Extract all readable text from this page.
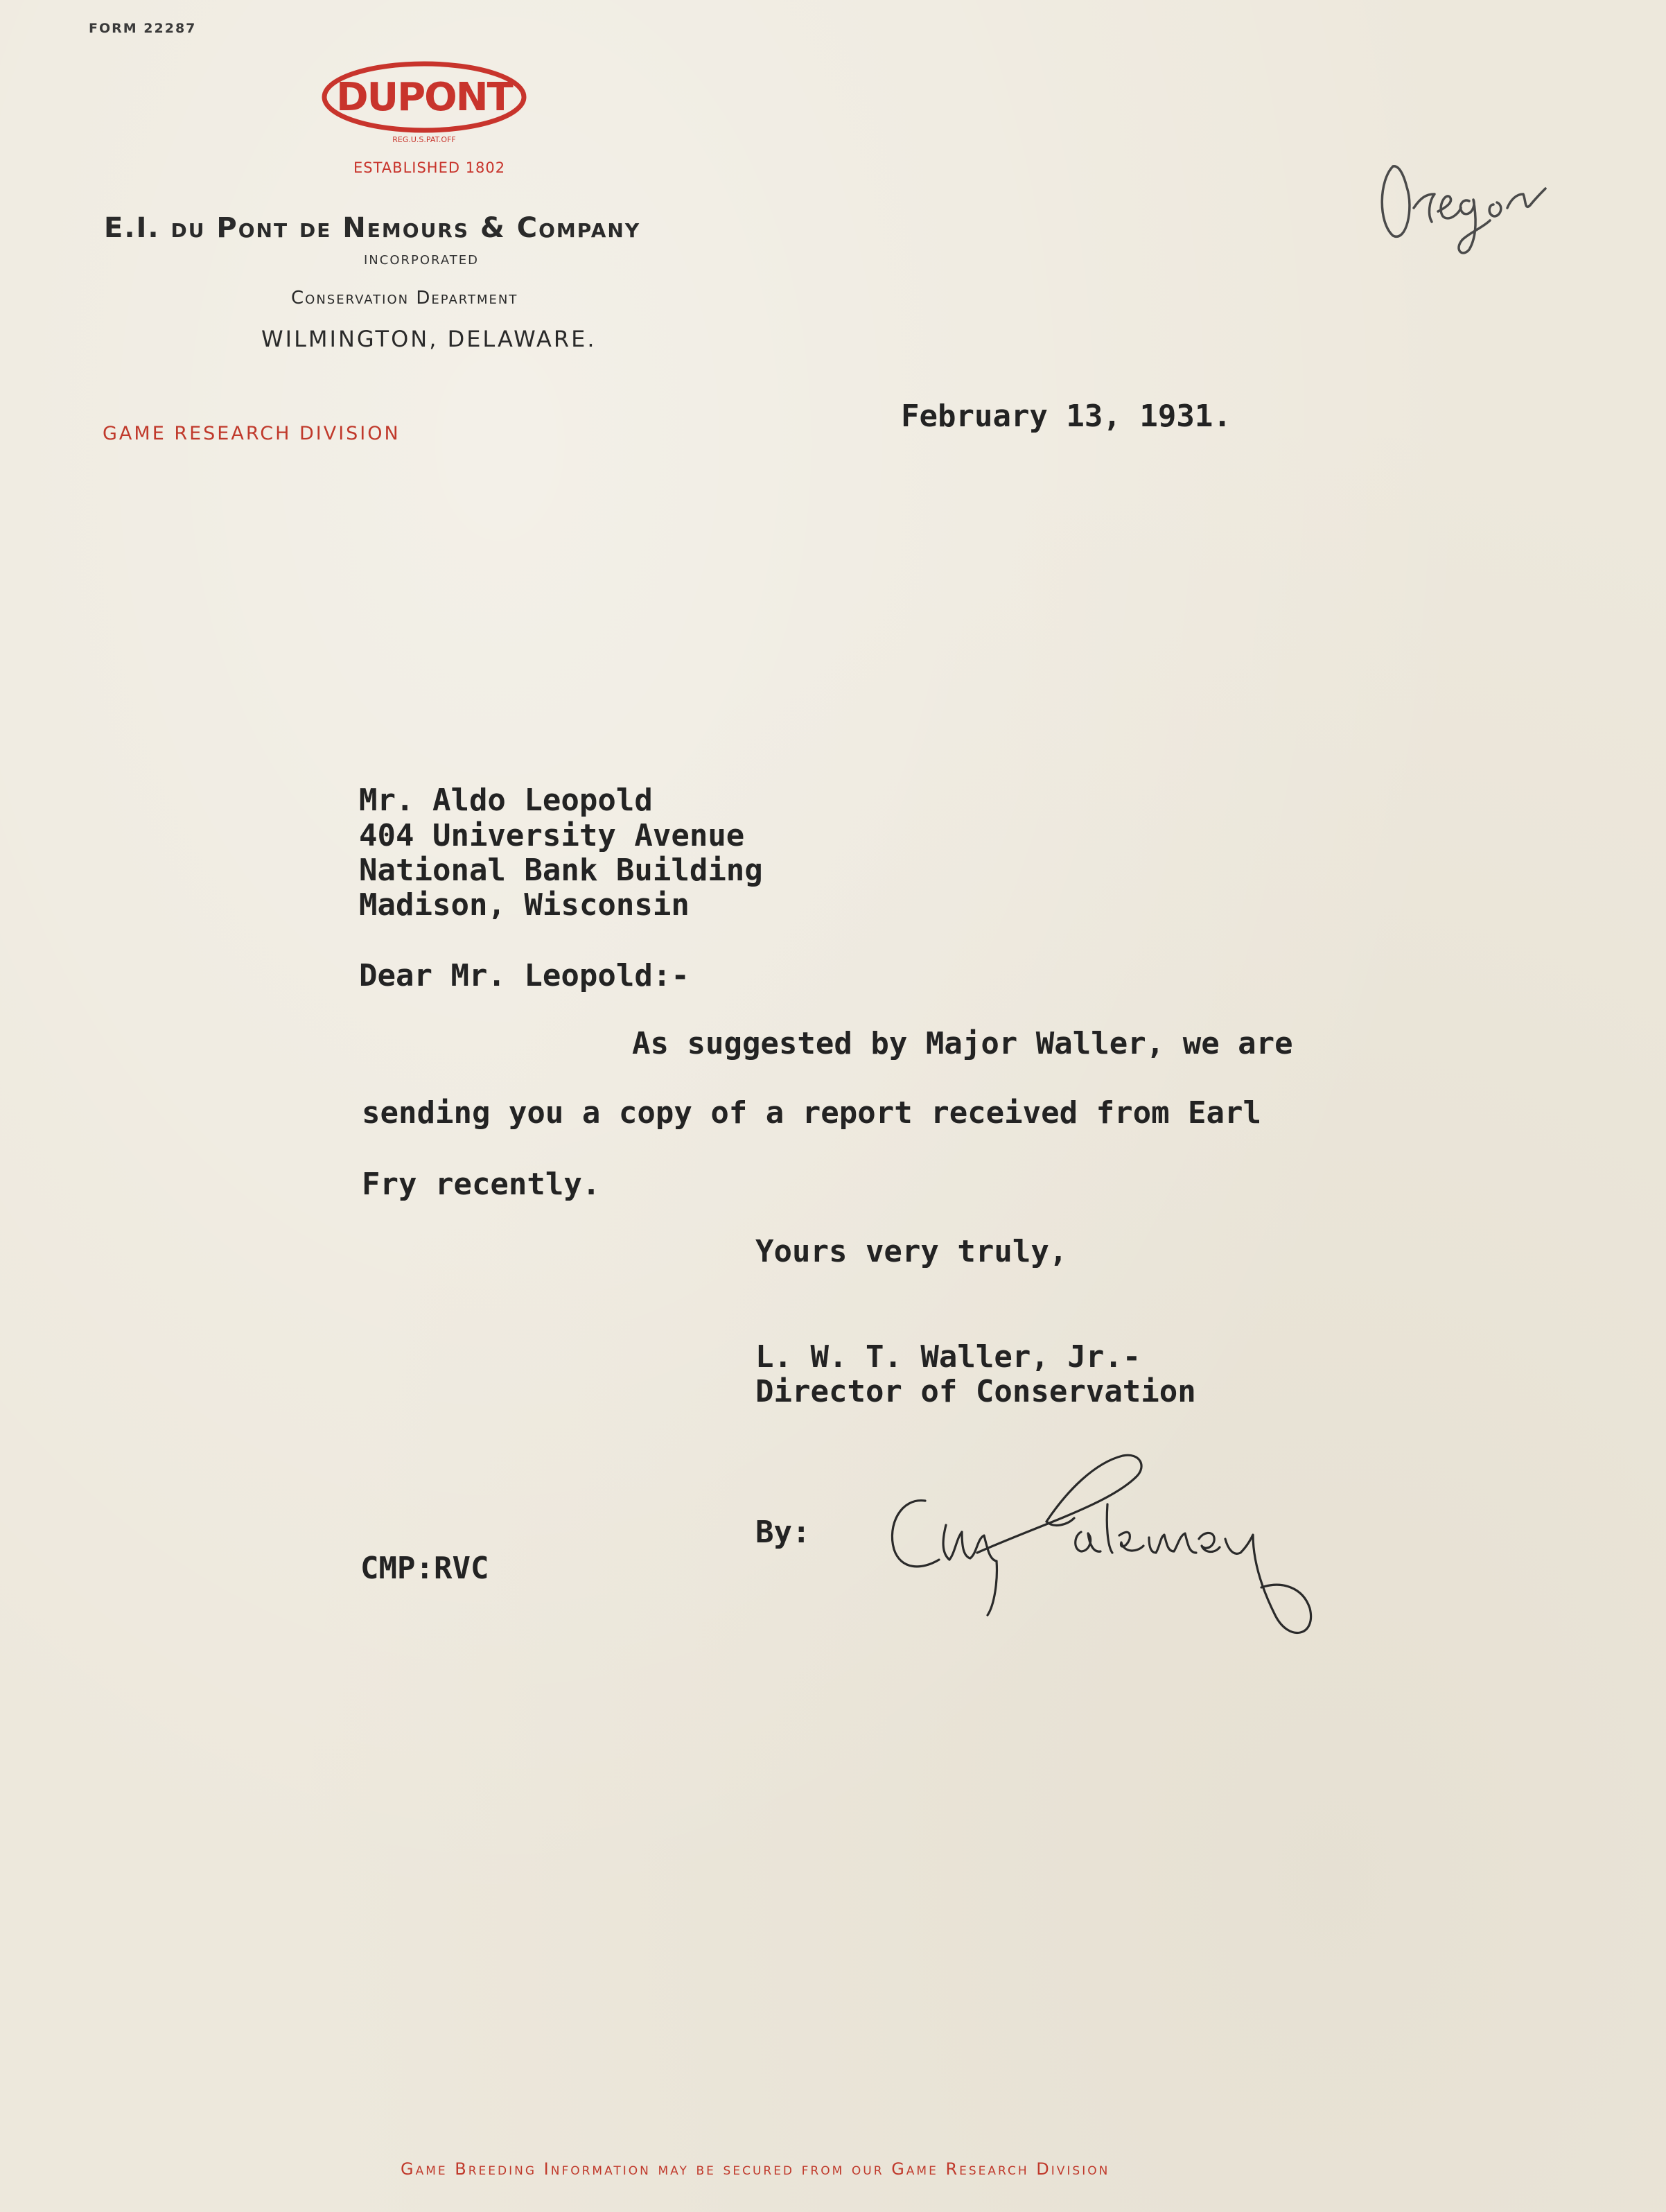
FORM 22287
DUPONT
REG.U.S.PAT.OFF
ESTABLISHED 1802
E.I. du Pont de Nemours & Company
INCORPORATED
Conservation Department
WILMINGTON, DELAWARE.
GAME RESEARCH DIVISION	February 13, 1931.
Mr. Aldo Leopold
404 University Avenue
National Bank Building
Madison, Wisconsin
Dear Mr. Leopold:-
As suggested by Major Waller, we are
sending you a copy of a report received from Earl
Fry recently.
Yours very truly,
L. W. T. Waller, Jr.-
Director of Conservation
By:
CMP:RVC
Game Breeding Information may be secured from our Game Research Division
